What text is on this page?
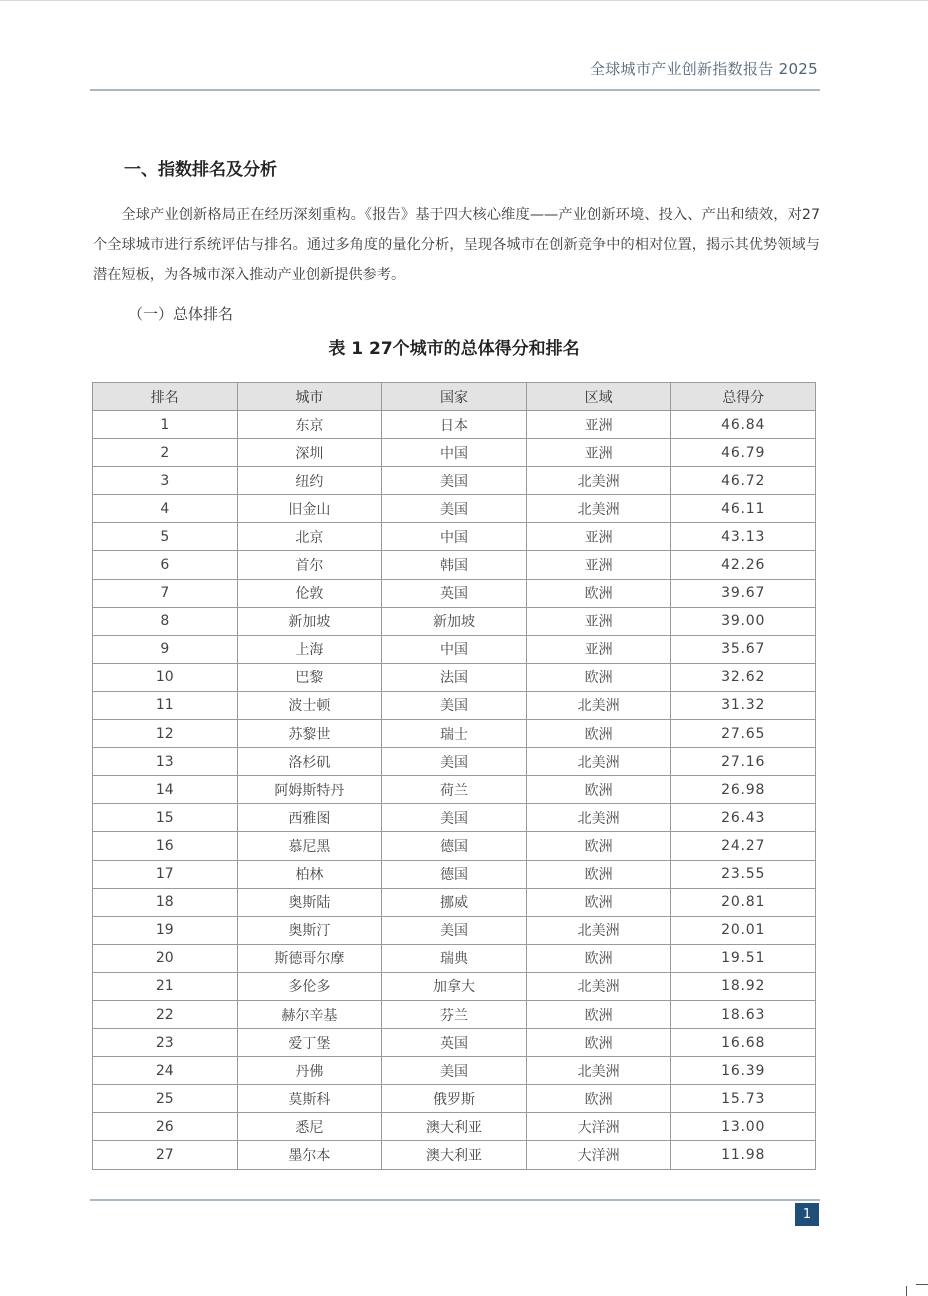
全球城市产业创新指数报告 2025
一、指数排名及分析

全球产业创新格局正在经历深刻重构。《报告》基于四大核心维度——产业创新环境、投入、产出和绩效，对27个全球城市进行系统评估与排名。通过多角度的量化分析，呈现各城市在创新竞争中的相对位置，揭示其优势领域与潜在短板，为各城市深入推动产业创新提供参考。

（一）总体排名
表 1 27个城市的总体得分和排名
排名	城市	国家	区域	总得分
1	东京	日本	亚洲	46.84
2	深圳	中国	亚洲	46.79
3	纽约	美国	北美洲	46.72
4	旧金山	美国	北美洲	46.11
5	北京	中国	亚洲	43.13
6	首尔	韩国	亚洲	42.26
7	伦敦	英国	欧洲	39.67
8	新加坡	新加坡	亚洲	39.00
9	上海	中国	亚洲	35.67
10	巴黎	法国	欧洲	32.62
11	波士顿	美国	北美洲	31.32
12	苏黎世	瑞士	欧洲	27.65
13	洛杉矶	美国	北美洲	27.16
14	阿姆斯特丹	荷兰	欧洲	26.98
15	西雅图	美国	北美洲	26.43
16	慕尼黑	德国	欧洲	24.27
17	柏林	德国	欧洲	23.55
18	奥斯陆	挪威	欧洲	20.81
19	奥斯汀	美国	北美洲	20.01
20	斯德哥尔摩	瑞典	欧洲	19.51
21	多伦多	加拿大	北美洲	18.92
22	赫尔辛基	芬兰	欧洲	18.63
23	爱丁堡	英国	欧洲	16.68
24	丹佛	美国	北美洲	16.39
25	莫斯科	俄罗斯	欧洲	15.73
26	悉尼	澳大利亚	大洋洲	13.00
27	墨尔本	澳大利亚	大洋洲	11.98
1
